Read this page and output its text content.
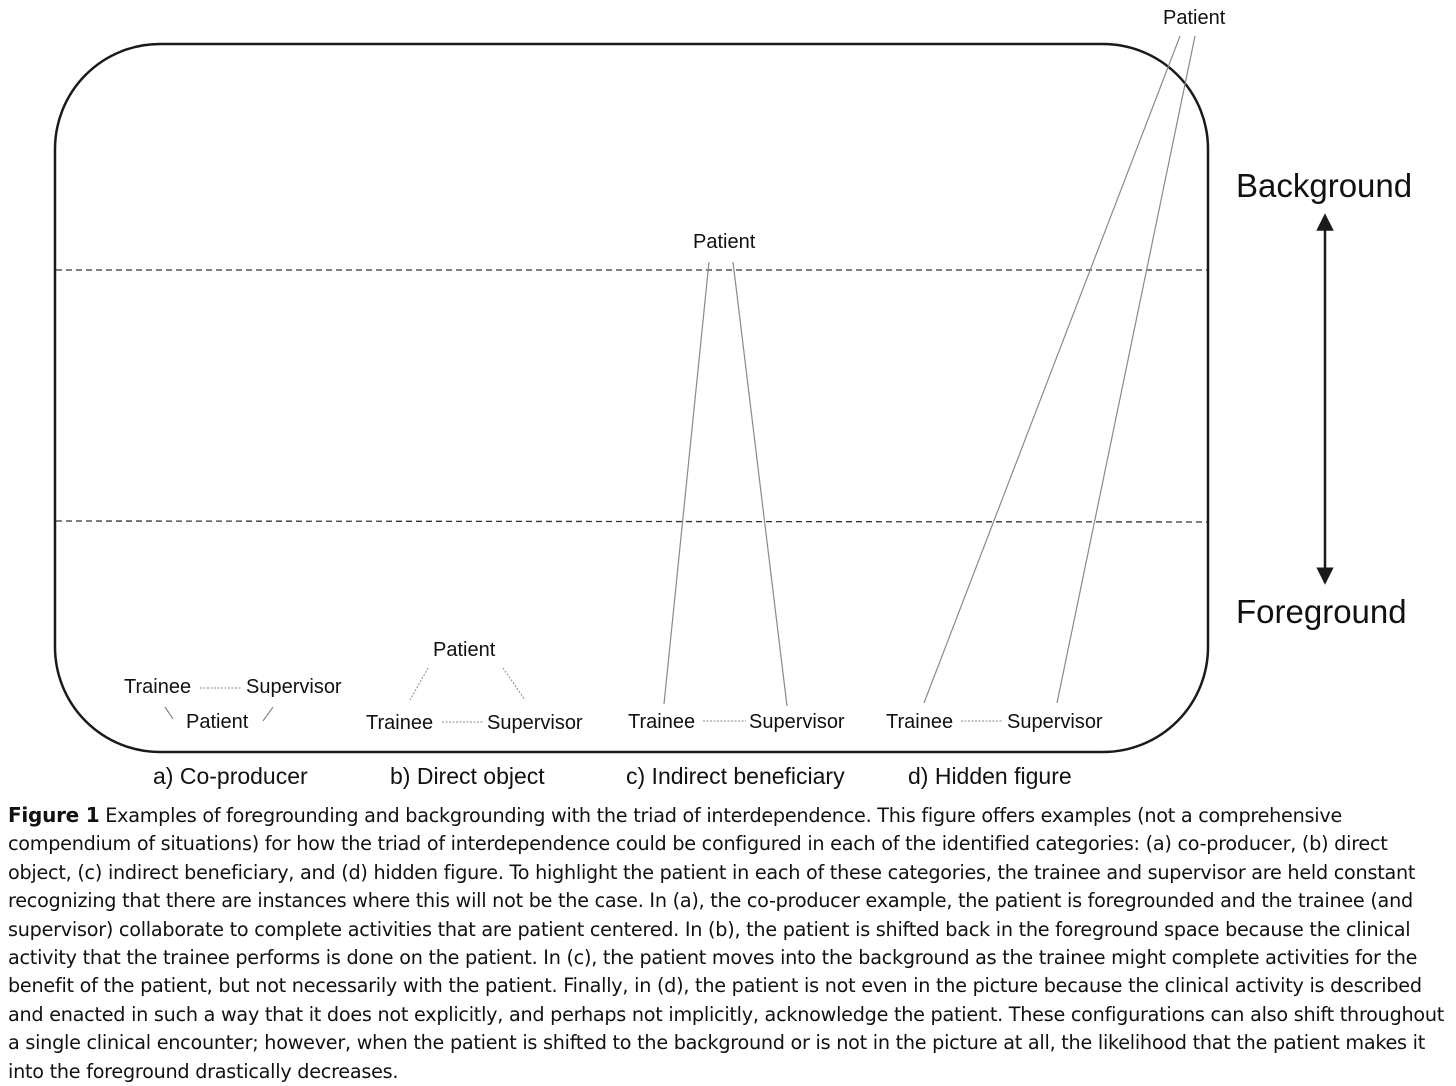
Background
Foreground
Trainee	Supervisor
Patient
a) Co-producer
Patient
Trainee	Supervisor
b) Direct object
Patient
Trainee	Supervisor
c) Indirect beneficiary
Patient
Trainee	Supervisor
d) Hidden figure

Figure 1 Examples of foregrounding and backgrounding with the triad of interdependence. This figure offers examples (not a comprehensive compendium of situations) for how the triad of interdependence could be configured in each of the identified categories: (a) co-producer, (b) direct object, (c) indirect beneficiary, and (d) hidden figure. To highlight the patient in each of these categories, the trainee and supervisor are held constant recognizing that there are instances where this will not be the case. In (a), the co-producer example, the patient is foregrounded and the trainee (and supervisor) collaborate to complete activities that are patient centered. In (b), the patient is shifted back in the foreground space because the clinical activity that the trainee performs is done on the patient. In (c), the patient moves into the background as the trainee might complete activities for the benefit of the patient, but not necessarily with the patient. Finally, in (d), the patient is not even in the picture because the clinical activity is described and enacted in such a way that it does not explicitly, and perhaps not implicitly, acknowledge the patient. These configurations can also shift throughout a single clinical encounter; however, when the patient is shifted to the background or is not in the picture at all, the likelihood that the patient makes it into the foreground drastically decreases.
